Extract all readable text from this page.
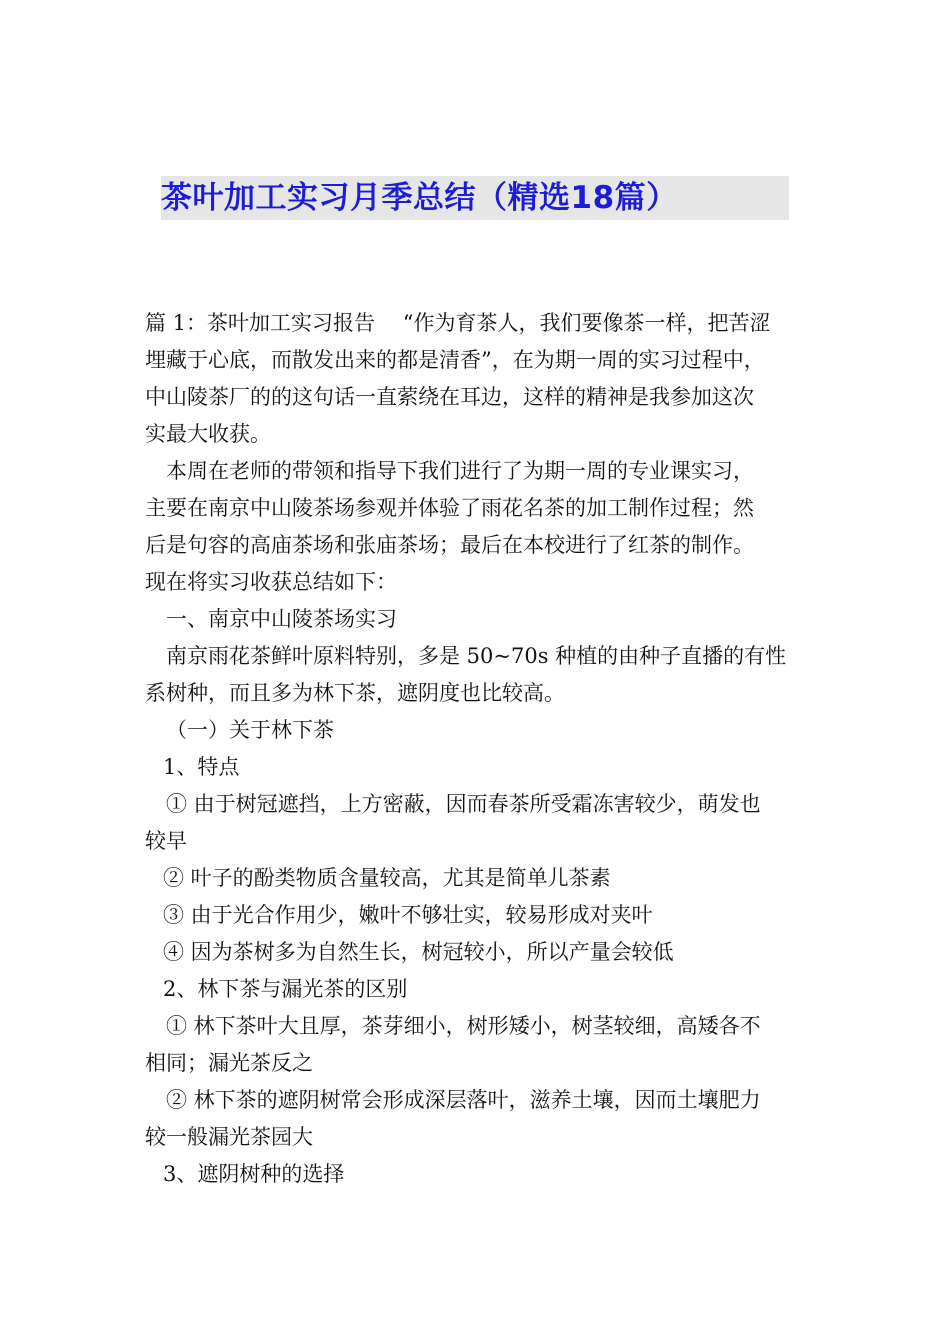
茶叶加工实习月季总结（精选18篇）
篇 1：茶叶加工实习报告　 “作为育茶人，我们要像茶一样，把苦涩
埋藏于心底，而散发出来的都是清香”，在为期一周的实习过程中，
中山陵茶厂的的这句话一直萦绕在耳边，这样的精神是我参加这次
实最大收获。
本周在老师的带领和指导下我们进行了为期一周的专业课实习，
主要在南京中山陵茶场参观并体验了雨花名茶的加工制作过程；然
后是句容的高庙茶场和张庙茶场；最后在本校进行了红茶的制作。
现在将实习收获总结如下：
一、南京中山陵茶场实习
南京雨花茶鲜叶原料特别，多是 50~70s 种植的由种子直播的有性
系树种，而且多为林下茶，遮阴度也比较高。
（一）关于林下茶
1、特点
① 由于树冠遮挡，上方密蔽，因而春茶所受霜冻害较少，萌发也
较早
② 叶子的酚类物质含量较高，尤其是简单儿茶素
③ 由于光合作用少，嫩叶不够壮实，较易形成对夹叶
④ 因为茶树多为自然生长，树冠较小，所以产量会较低
2、林下茶与漏光茶的区别
① 林下茶叶大且厚，茶芽细小，树形矮小，树茎较细，高矮各不
相同；漏光茶反之
② 林下茶的遮阴树常会形成深层落叶，滋养土壤，因而土壤肥力
较一般漏光茶园大
3、遮阴树种的选择
